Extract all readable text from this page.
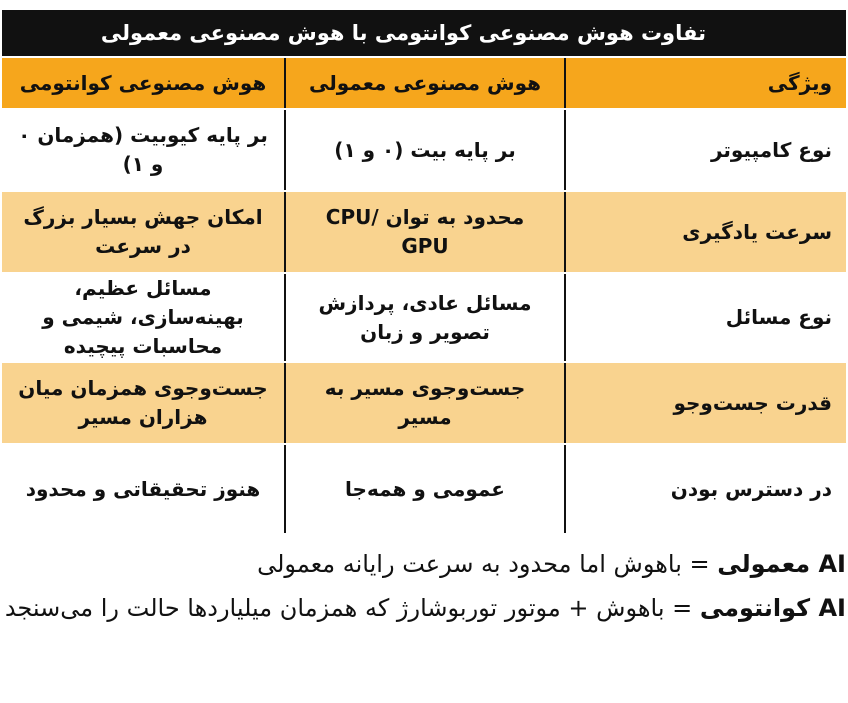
تفاوت هوش مصنوعی کوانتومی با هوش مصنوعی معمولی
ویژگی
هوش مصنوعی معمولی
هوش مصنوعی کوانتومی
نوع کامپیوتر
بر پایه بیت (۰ و ۱)
بر پایه کیوبیت (همزمان ۰ و ۱)
سرعت یادگیری
محدود به توان CPU/ GPU
امکان جهش بسیار بزرگ در سرعت
نوع مسائل
مسائل عادی، پردازش تصویر و زبان
مسائل عظیم، بهینه‌سازی، شیمی و محاسبات پیچیده
قدرت جست‌وجو
جست‌وجوی مسیر به مسیر
جست‌وجوی همزمان میان هزاران مسیر
در دسترس بودن
عمومی و همه‌جا
هنوز تحقیقاتی و محدود
AI معمولی = باهوش اما محدود به سرعت رایانه معمولی
AI کوانتومی = باهوش + موتور توربوشارژ که همزمان میلیاردها حالت را می‌سنجد
